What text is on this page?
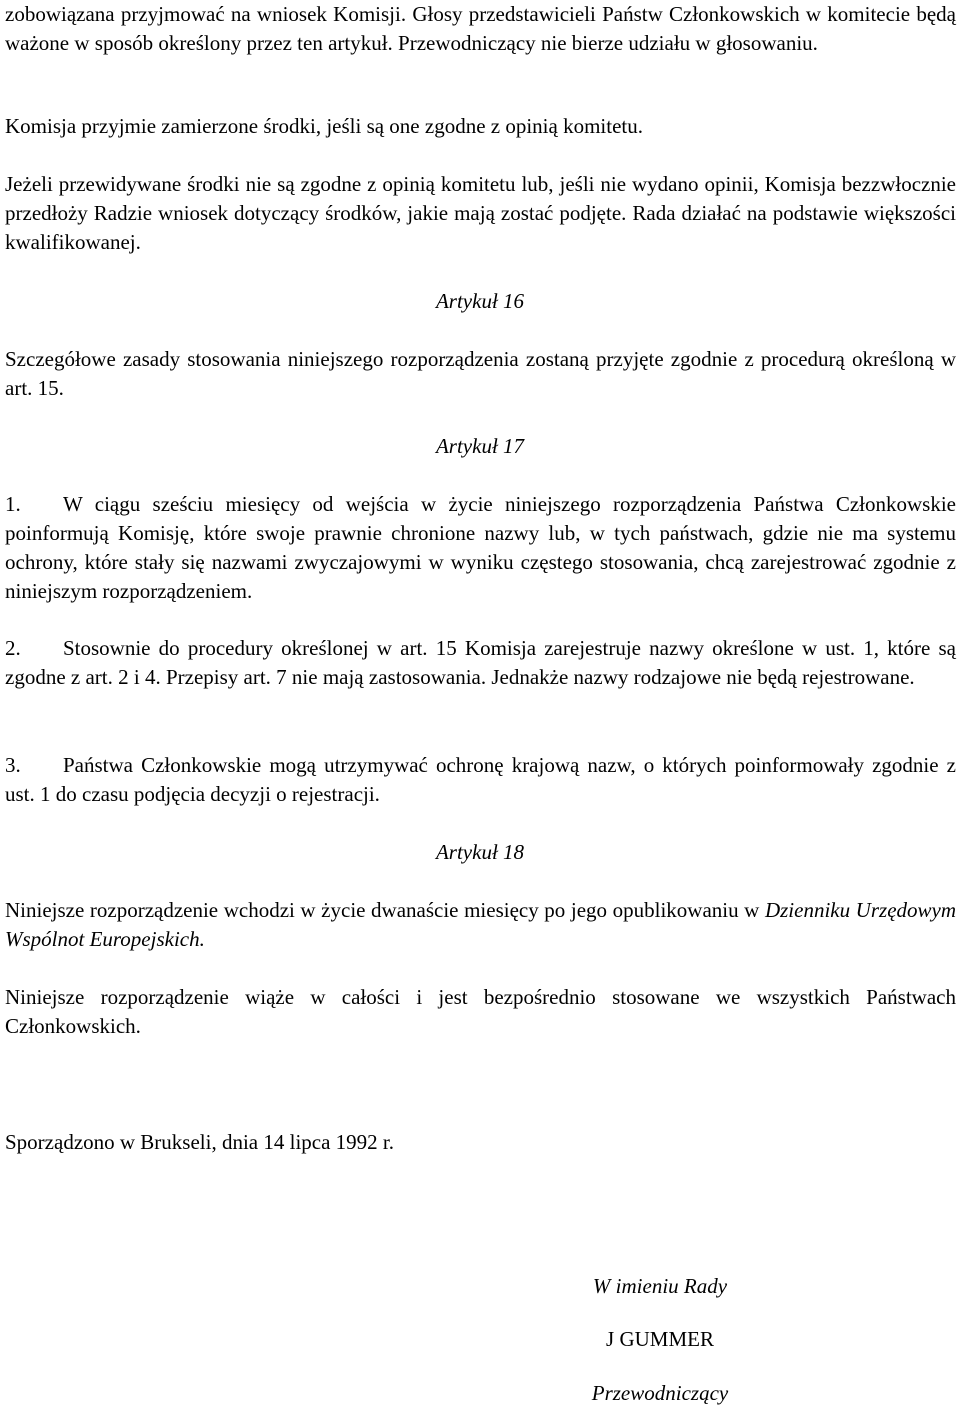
zobowiązana przyjmować na wniosek Komisji. Głosy przedstawicieli Państw Członkowskich w komitecie będą ważone w sposób określony przez ten artykuł. Przewodniczący nie bierze udziału w głosowaniu.

Komisja przyjmie zamierzone środki, jeśli są one zgodne z opinią komitetu.

Jeżeli przewidywane środki nie są zgodne z opinią komitetu lub, jeśli nie wydano opinii, Komisja bezzwłocznie przedłoży Radzie wniosek dotyczący środków, jakie mają zostać podjęte. Rada działać na podstawie większości kwalifikowanej.

Artykuł 16

Szczegółowe zasady stosowania niniejszego rozporządzenia zostaną przyjęte zgodnie z procedurą określoną w art. 15.

Artykuł 17

1. W ciągu sześciu miesięcy od wejścia w życie niniejszego rozporządzenia Państwa Członkowskie poinformują Komisję, które swoje prawnie chronione nazwy lub, w tych państwach, gdzie nie ma systemu ochrony, które stały się nazwami zwyczajowymi w wyniku częstego stosowania, chcą zarejestrować zgodnie z niniejszym rozporządzeniem.

2. Stosownie do procedury określonej w art. 15 Komisja zarejestruje nazwy określone w ust. 1, które są zgodne z art. 2 i 4. Przepisy art. 7 nie mają zastosowania. Jednakże nazwy rodzajowe nie będą rejestrowane.

3. Państwa Członkowskie mogą utrzymywać ochronę krajową nazw, o których poinformowały zgodnie z ust. 1 do czasu podjęcia decyzji o rejestracji.

Artykuł 18

Niniejsze rozporządzenie wchodzi w życie dwanaście miesięcy po jego opublikowaniu w Dzienniku Urzędowym Wspólnot Europejskich.

Niniejsze rozporządzenie wiąże w całości i jest bezpośrednio stosowane we wszystkich Państwach Członkowskich.

Sporządzono w Brukseli, dnia 14 lipca 1992 r.

W imieniu Rady

J GUMMER

Przewodniczący
